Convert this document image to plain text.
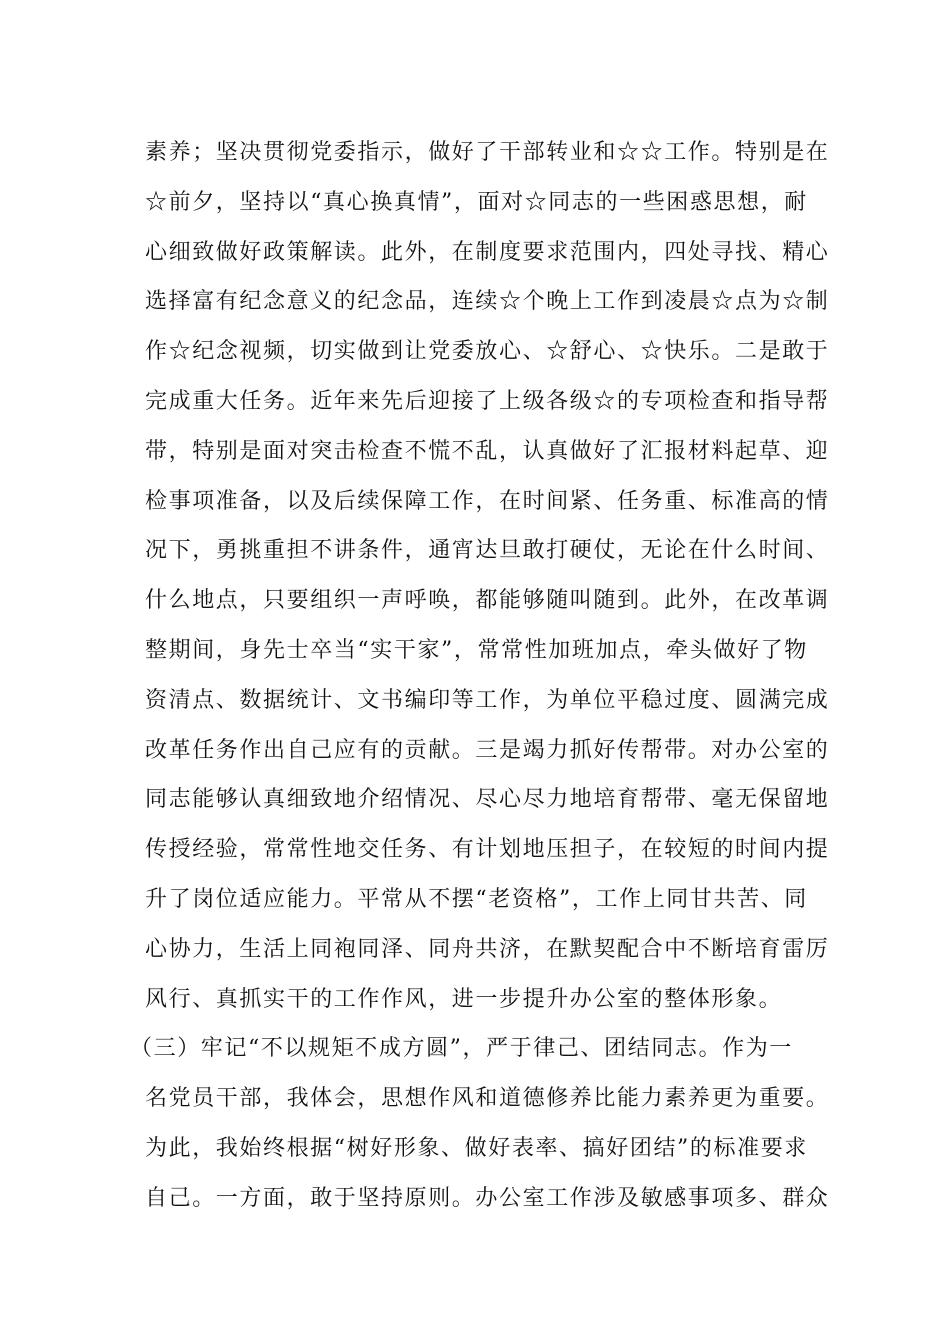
素养；坚决贯彻党委指示，做好了干部转业和☆☆工作。特别是在
☆前夕，坚持以“真心换真情”，面对☆同志的一些困惑思想，耐
心细致做好政策解读。此外，在制度要求范围内，四处寻找、精心
选择富有纪念意义的纪念品，连续☆个晚上工作到凌晨☆点为☆制
作☆纪念视频，切实做到让党委放心、☆舒心、☆快乐。二是敢于
完成重大任务。近年来先后迎接了上级各级☆的专项检查和指导帮
带，特别是面对突击检查不慌不乱，认真做好了汇报材料起草、迎
检事项准备，以及后续保障工作，在时间紧、任务重、标准高的情
况下，勇挑重担不讲条件，通宵达旦敢打硬仗，无论在什么时间、
什么地点，只要组织一声呼唤，都能够随叫随到。此外，在改革调
整期间，身先士卒当“实干家”，常常性加班加点，牵头做好了物
资清点、数据统计、文书编印等工作，为单位平稳过度、圆满完成
改革任务作出自己应有的贡献。三是竭力抓好传帮带。对办公室的
同志能够认真细致地介绍情况、尽心尽力地培育帮带、毫无保留地
传授经验，常常性地交任务、有计划地压担子，在较短的时间内提
升了岗位适应能力。平常从不摆“老资格”，工作上同甘共苦、同
心协力，生活上同袍同泽、同舟共济，在默契配合中不断培育雷厉
风行、真抓实干的工作作风，进一步提升办公室的整体形象。
（三）牢记“不以规矩不成方圆”，严于律己、团结同志。作为一
名党员干部，我体会，思想作风和道德修养比能力素养更为重要。
为此，我始终根据“树好形象、做好表率、搞好团结”的标准要求
自己。一方面，敢于坚持原则。办公室工作涉及敏感事项多、群众
